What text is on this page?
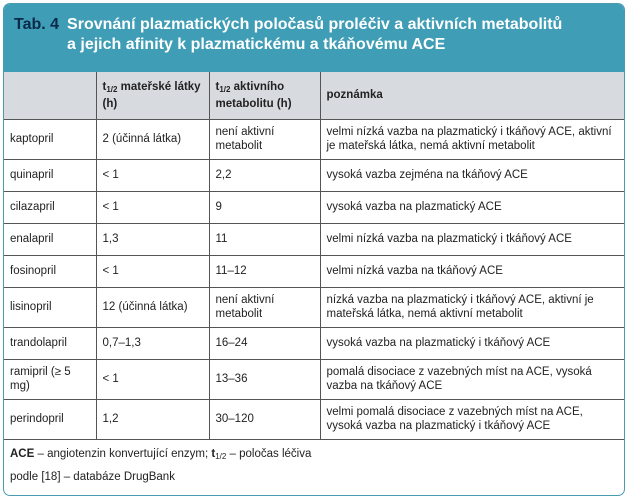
Tab. 4 Srovnání plazmatických poločasů proléčiv a aktivních metabolitů
a jejich afinity k plazmatickému a tkáňovému ACE
	$t_{1/2}$ mateřské látky (h)	$t_{1/2}$ aktivního metabolitu (h)	poznámka
kaptopril	2 (účinná látka)	není aktivní metabolit	velmi nízká vazba na plazmatický i tkáňový ACE, aktivní je mateřská látka, nemá aktivní metabolit
quinapril	< 1	2,2	vysoká vazba zejména na tkáňový ACE
cilazapril	< 1	9	vysoká vazba na plazmatický ACE
enalapril	1,3	11	velmi nízká vazba na plazmatický i tkáňový ACE
fosinopril	< 1	11–12	velmi nízká vazba na tkáňový ACE
lisinopril	12 (účinná látka)	není aktivní metabolit	nízká vazba na plazmatický i tkáňový ACE, aktivní je mateřská látka, nemá aktivní metabolit
trandolapril	0,7–1,3	16–24	vysoká vazba na plazmatický i tkáňový ACE
ramipril (≥ 5 mg)	< 1	13–36	pomalá disociace z vazebných míst na ACE, vysoká vazba na tkáňový ACE
perindopril	1,2	30–120	velmi pomalá disociace z vazebných míst na ACE, vysoká vazba na plazmatický i tkáňový ACE
ACE – angiotenzin konvertující enzym; $t_{1/2}$ – poločas léčiva
podle [18] – databáze DrugBank
